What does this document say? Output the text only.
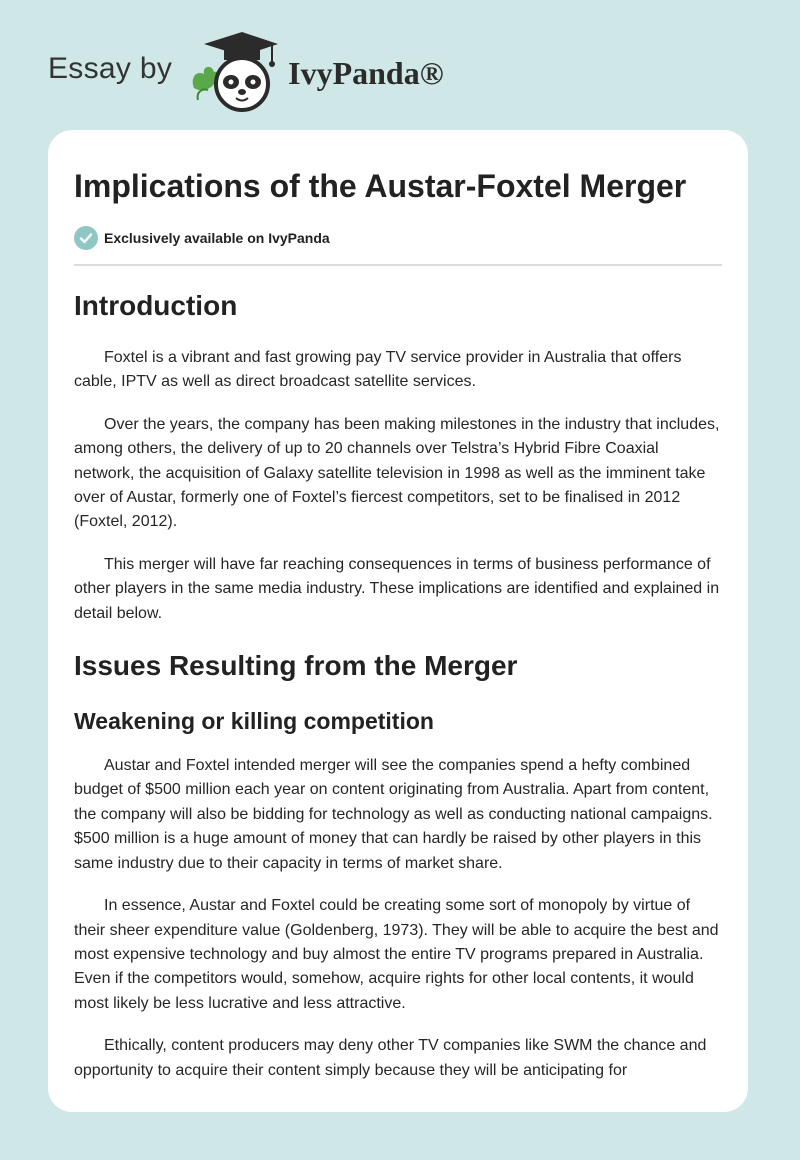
Essay by	IvyPanda®
Implications of the Austar-Foxtel Merger
Exclusively available on IvyPanda
Introduction

Foxtel is a vibrant and fast growing pay TV service provider in Australia that offers cable, IPTV as well as direct broadcast satellite services.

Over the years, the company has been making milestones in the industry that includes, among others, the delivery of up to 20 channels over Telstra’s Hybrid Fibre Coaxial network, the acquisition of Galaxy satellite television in 1998 as well as the imminent take over of Austar, formerly one of Foxtel’s fiercest competitors, set to be finalised in 2012 (Foxtel, 2012).

This merger will have far reaching consequences in terms of business performance of other players in the same media industry. These implications are identified and explained in detail below.

Issues Resulting from the Merger
Weakening or killing competition

Austar and Foxtel intended merger will see the companies spend a hefty combined budget of $500 million each year on content originating from Australia. Apart from content, the company will also be bidding for technology as well as conducting national campaigns. $500 million is a huge amount of money that can hardly be raised by other players in this same industry due to their capacity in terms of market share.

In essence, Austar and Foxtel could be creating some sort of monopoly by virtue of their sheer expenditure value (Goldenberg, 1973). They will be able to acquire the best and most expensive technology and buy almost the entire TV programs prepared in Australia. Even if the competitors would, somehow, acquire rights for other local contents, it would most likely be less lucrative and less attractive.

Ethically, content producers may deny other TV companies like SWM the chance and opportunity to acquire their content simply because they will be anticipating for
